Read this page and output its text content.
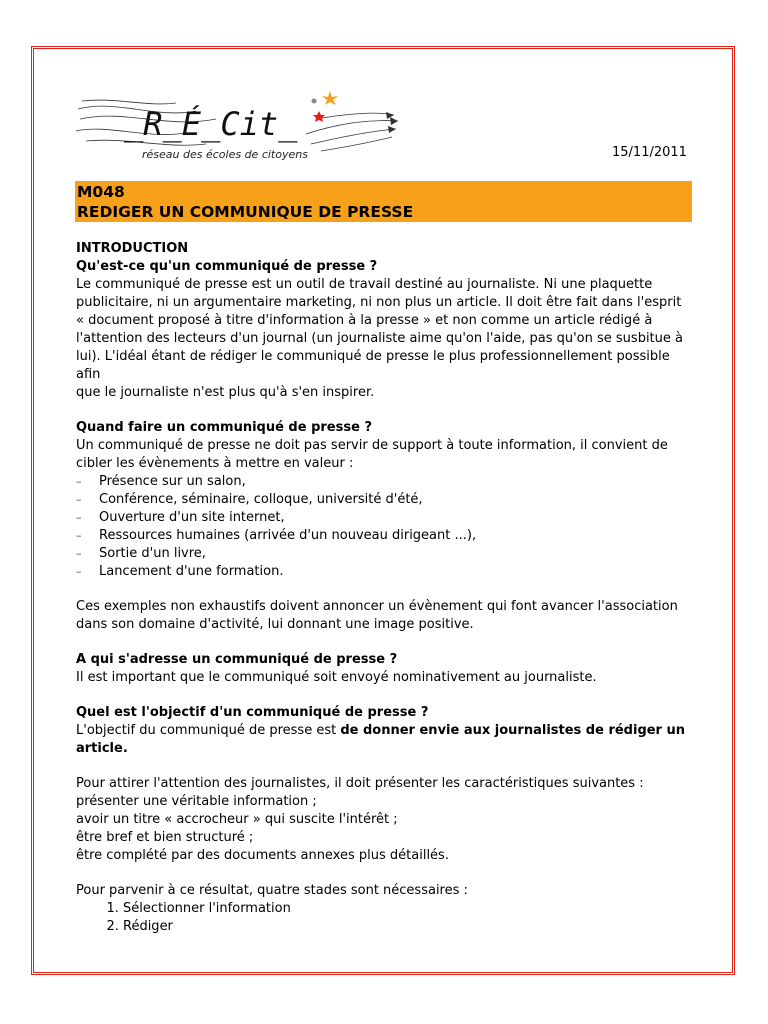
_R_É_Cit_
réseau des écoles de citoyens	15/11/2011
M048
REDIGER UN COMMUNIQUE DE PRESSE

INTRODUCTION

Qu'est-ce qu'un communiqué de presse ?

Le communiqué de presse est un outil de travail destiné au journaliste. Ni une plaquette

publicitaire, ni un argumentaire marketing, ni non plus un article. Il doit être fait dans l'esprit

« document proposé à titre d'information à la presse » et non comme un article rédigé à

l'attention des lecteurs d'un journal (un journaliste aime qu'on l'aide, pas qu'on se susbitue à

lui). L'idéal étant de rédiger le communiqué de presse le plus professionnellement possible afin

que le journaliste n'est plus qu'à s'en inspirer.

Quand faire un communiqué de presse ?

Un communiqué de presse ne doit pas servir de support à toute information, il convient de

cibler les évènements à mettre en valeur :

– Présence sur un salon,
– Conférence, séminaire, colloque, université d'été,
– Ouverture d'un site internet,
– Ressources humaines (arrivée d'un nouveau dirigeant ...),
– Sortie d'un livre,
– Lancement d'une formation.

Ces exemples non exhaustifs doivent annoncer un évènement qui font avancer l'association

dans son domaine d'activité, lui donnant une image positive.

A qui s'adresse un communiqué de presse ?

Il est important que le communiqué soit envoyé nominativement au journaliste.

Quel est l'objectif d'un communiqué de presse ?

L'objectif du communiqué de presse est de donner envie aux journalistes de rédiger un

article.

Pour attirer l'attention des journalistes, il doit présenter les caractéristiques suivantes :

présenter une véritable information ;

avoir un titre « accrocheur » qui suscite l'intérêt ;

être bref et bien structuré ;

être complété par des documents annexes plus détaillés.

Pour parvenir à ce résultat, quatre stades sont nécessaires :

1. Sélectionner l'information
2. Rédiger
